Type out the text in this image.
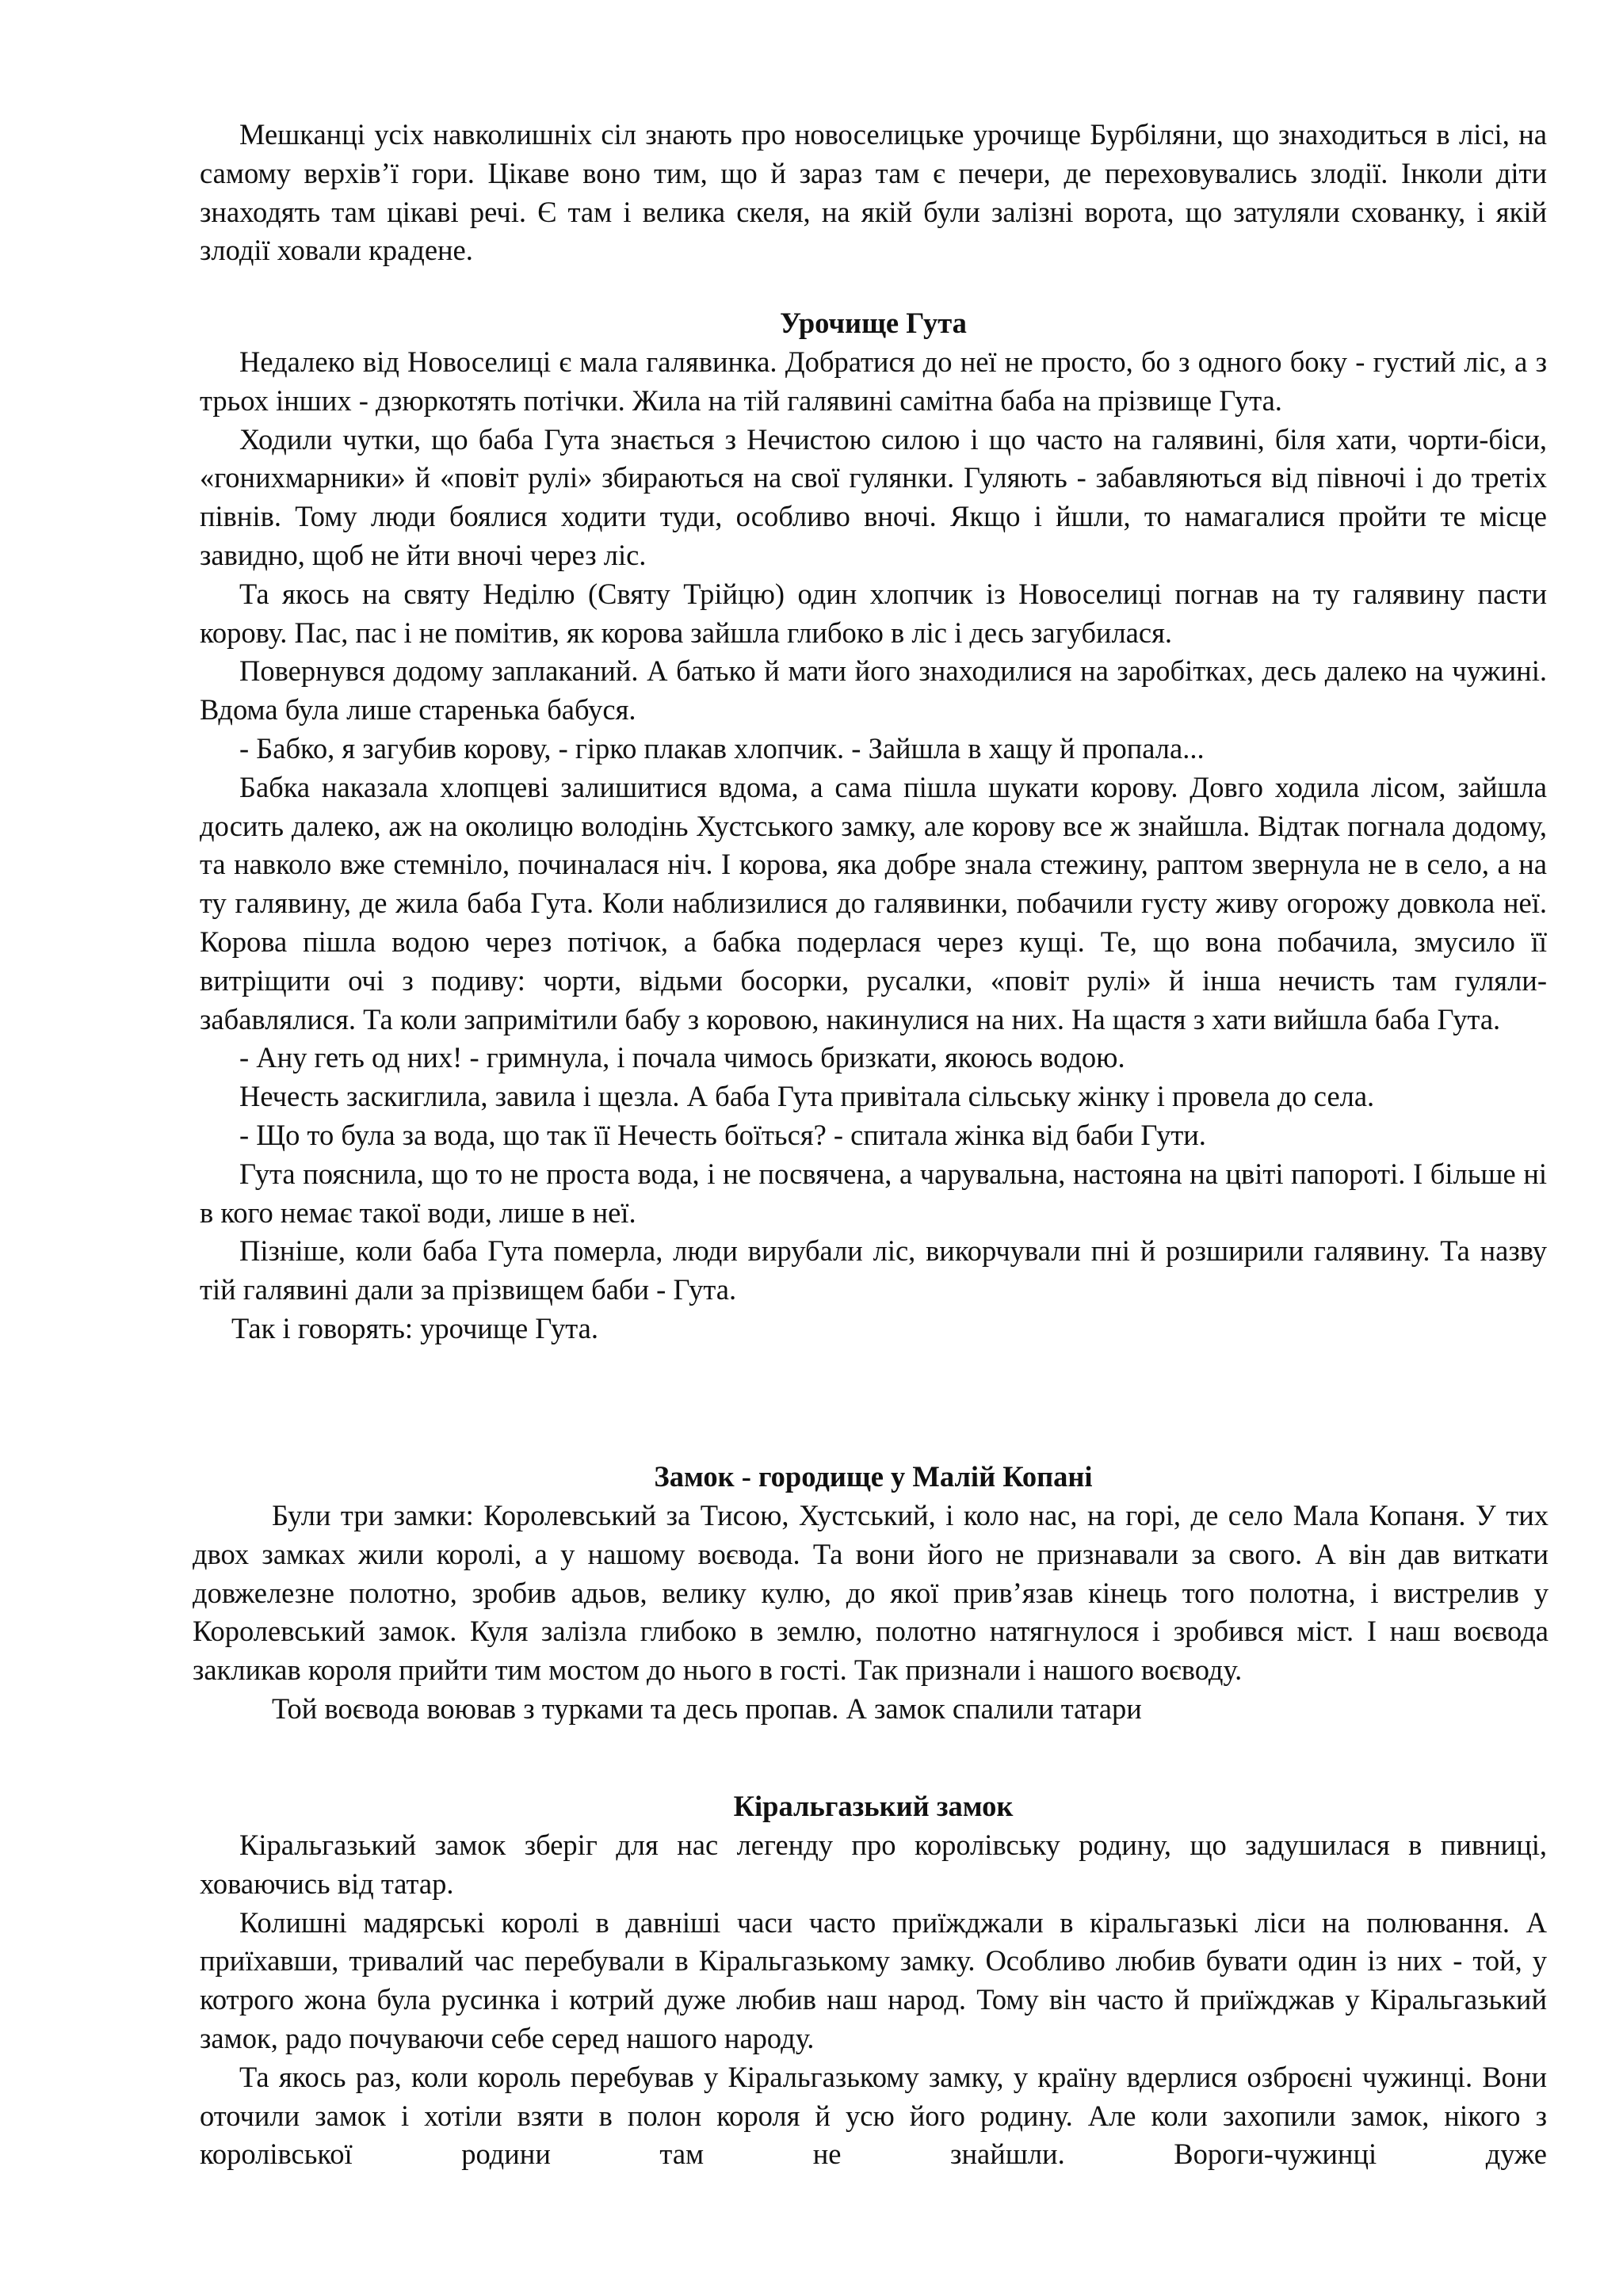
Мешканці усіх навколишніх сіл знають про новоселицьке урочище Бурбіляни, що знаходиться в лісі, на самому верхів’ї гори. Цікаве воно тим, що й зараз там є печери, де переховувались злодії. Інколи діти знаходять там цікаві речі. Є там і велика скеля, на якій були залізні ворота, що затуляли схованку, і якій злодії ховали крадене.

Урочище Гута

Недалеко від Новоселиці є мала галявинка. Добратися до неї не просто, бо з одного боку - густий ліс, а з трьох інших - дзюркотять потічки. Жила на тій галявині самітна баба на прізвище Гута.

Ходили чутки, що баба Гута знається з Нечистою силою і що часто на галявині, біля хати, чорти-біси, «гонихмарники» й «повіт рулі» збираються на свої гулянки. Гуляють - забавляються від півночі і до третіх півнів. Тому люди боялися ходити туди, особливо вночі. Якщо і йшли, то намагалися пройти те місце завидно, щоб не йти вночі через ліс.

Та якось на святу Неділю (Святу Трійцю) один хлопчик із Новоселиці погнав на ту галявину пасти корову. Пас, пас і не помітив, як корова зайшла глибоко в ліс і десь загубилася.

Повернувся додому заплаканий. А батько й мати його знаходилися на заробітках, десь далеко на чужині. Вдома була лише старенька бабуся.

- Бабко, я загубив корову, - гірко плакав хлопчик. - Зайшла в хащу й пропала...

Бабка наказала хлопцеві залишитися вдома, а сама пішла шукати корову. Довго ходила лісом, зайшла досить далеко, аж на околицю володінь Хустського замку, але корову все ж знайшла. Відтак погнала додому, та навколо вже стемніло, починалася ніч. І корова, яка добре знала стежину, раптом звернула не в село, а на ту галявину, де жила баба Гута. Коли наблизилися до галявинки, побачили густу живу огорожу довкола неї. Корова пішла водою через потічок, а бабка подерлася через кущі. Те, що вона побачила, змусило її витріщити очі з подиву: чорти, відьми босорки, русалки, «повіт рулі» й інша нечисть там гуляли- забавлялися. Та коли запримітили бабу з коровою, накинулися на них. На щастя з хати вийшла баба Гута.

- Ану геть од них! - гримнула, і почала чимось бризкати, якоюсь водою.

Нечесть заскиглила, завила і щезла. А баба Гута привітала сільську жінку і провела до села.

- Що то була за вода, що так її Нечесть боїться? - спитала жінка від баби Гути.

Гута пояснила, що то не проста вода, і не посвячена, а чарувальна, настояна на цвіті папороті. І більше ні в кого немає такої води, лише в неї.

Пізніше, коли баба Гута померла, люди вирубали ліс, викорчували пні й розширили галявину. Та назву тій галявині дали за прізвищем баби - Гута.

Так і говорять: урочище Гута.

Замок - городище у Малій Копані

Були три замки: Королевський за Тисою, Хустський, і коло нас, на горі, де село Мала Копаня. У тих двох замках жили королі, а у нашому воєвода. Та вони його не признавали за свого. А він дав виткати довжелезне полотно, зробив адьов, велику кулю, до якої прив’язав кінець того полотна, і вистрелив у Королевський замок. Куля залізла глибоко в землю, полотно натягнулося і зробився міст. І наш воєвода закликав короля прийти тим мостом до нього в гості. Так признали і нашого воєводу.

Той воєвода воював з турками та десь пропав. А замок спалили татари

Кіральгазький замок

Кіральгазький замок зберіг для нас легенду про королівську родину, що задушилася в пивниці, ховаючись від татар.

Колишні мадярські королі в давніші часи часто приїжджали в кіральгазькі ліси на полювання. А приїхавши, тривалий час перебували в Кіральгазькому замку. Особливо любив бувати один із них - той, у котрого жона була русинка і котрий дуже любив наш народ. Тому він часто й приїжджав у Кіральгазький замок, радо почуваючи себе серед нашого народу.

Та якось раз, коли король перебував у Кіральгазькому замку, у країну вдерлися озброєні чужинці. Вони оточили замок і хотіли взяти в полон короля й усю його родину. Але коли захопили замок, нікого з королівської родини там не знайшли. Вороги-чужинці дуже
